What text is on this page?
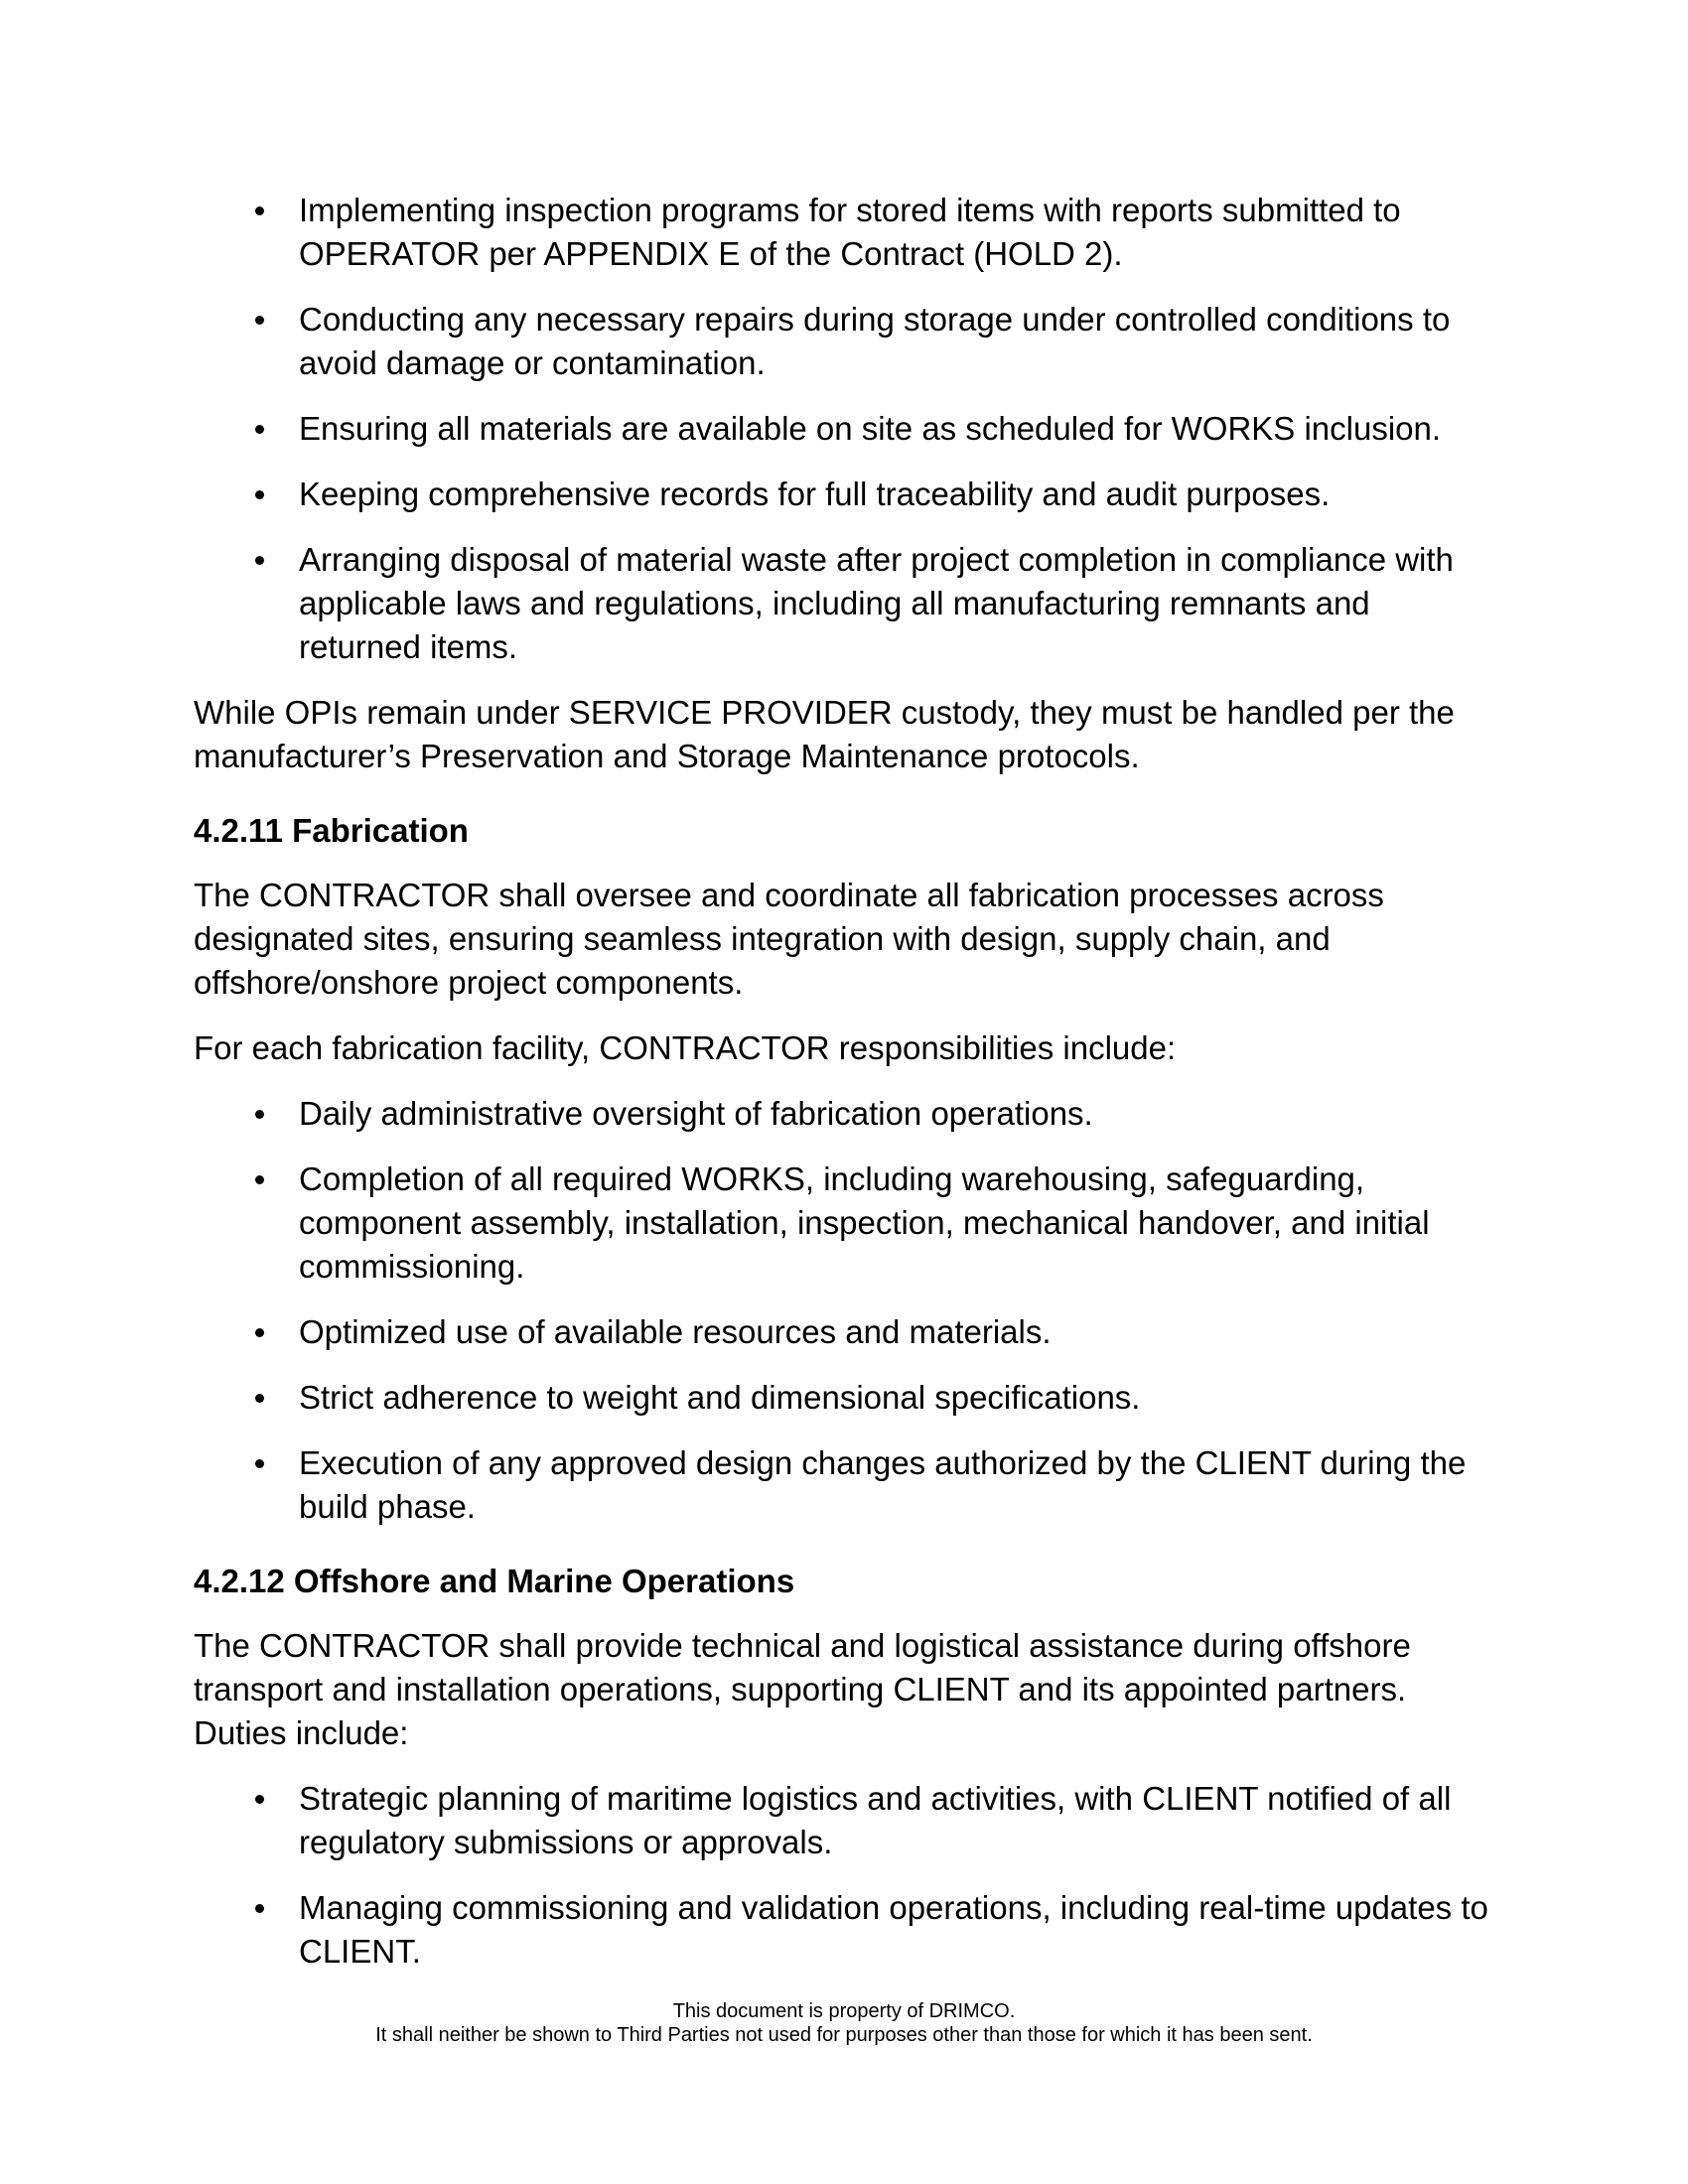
Implementing inspection programs for stored items with reports submitted to OPERATOR per APPENDIX E of the Contract (HOLD 2).
Conducting any necessary repairs during storage under controlled conditions to avoid damage or contamination.
Ensuring all materials are available on site as scheduled for WORKS inclusion.
Keeping comprehensive records for full traceability and audit purposes.
Arranging disposal of material waste after project completion in compliance with applicable laws and regulations, including all manufacturing remnants and returned items.

While OPIs remain under SERVICE PROVIDER custody, they must be handled per the manufacturer’s Preservation and Storage Maintenance protocols.

4.2.11 Fabrication

The CONTRACTOR shall oversee and coordinate all fabrication processes across designated sites, ensuring seamless integration with design, supply chain, and offshore/onshore project components.

For each fabrication facility, CONTRACTOR responsibilities include:

Daily administrative oversight of fabrication operations.
Completion of all required WORKS, including warehousing, safeguarding, component assembly, installation, inspection, mechanical handover, and initial commissioning.
Optimized use of available resources and materials.
Strict adherence to weight and dimensional specifications.
Execution of any approved design changes authorized by the CLIENT during the build phase.
4.2.12 Offshore and Marine Operations

The CONTRACTOR shall provide technical and logistical assistance during offshore transport and installation operations, supporting CLIENT and its appointed partners. Duties include:

Strategic planning of maritime logistics and activities, with CLIENT notified of all regulatory submissions or approvals.
Managing commissioning and validation operations, including real-time updates to CLIENT.
This document is property of DRIMCO.
It shall neither be shown to Third Parties not used for purposes other than those for which it has been sent.
